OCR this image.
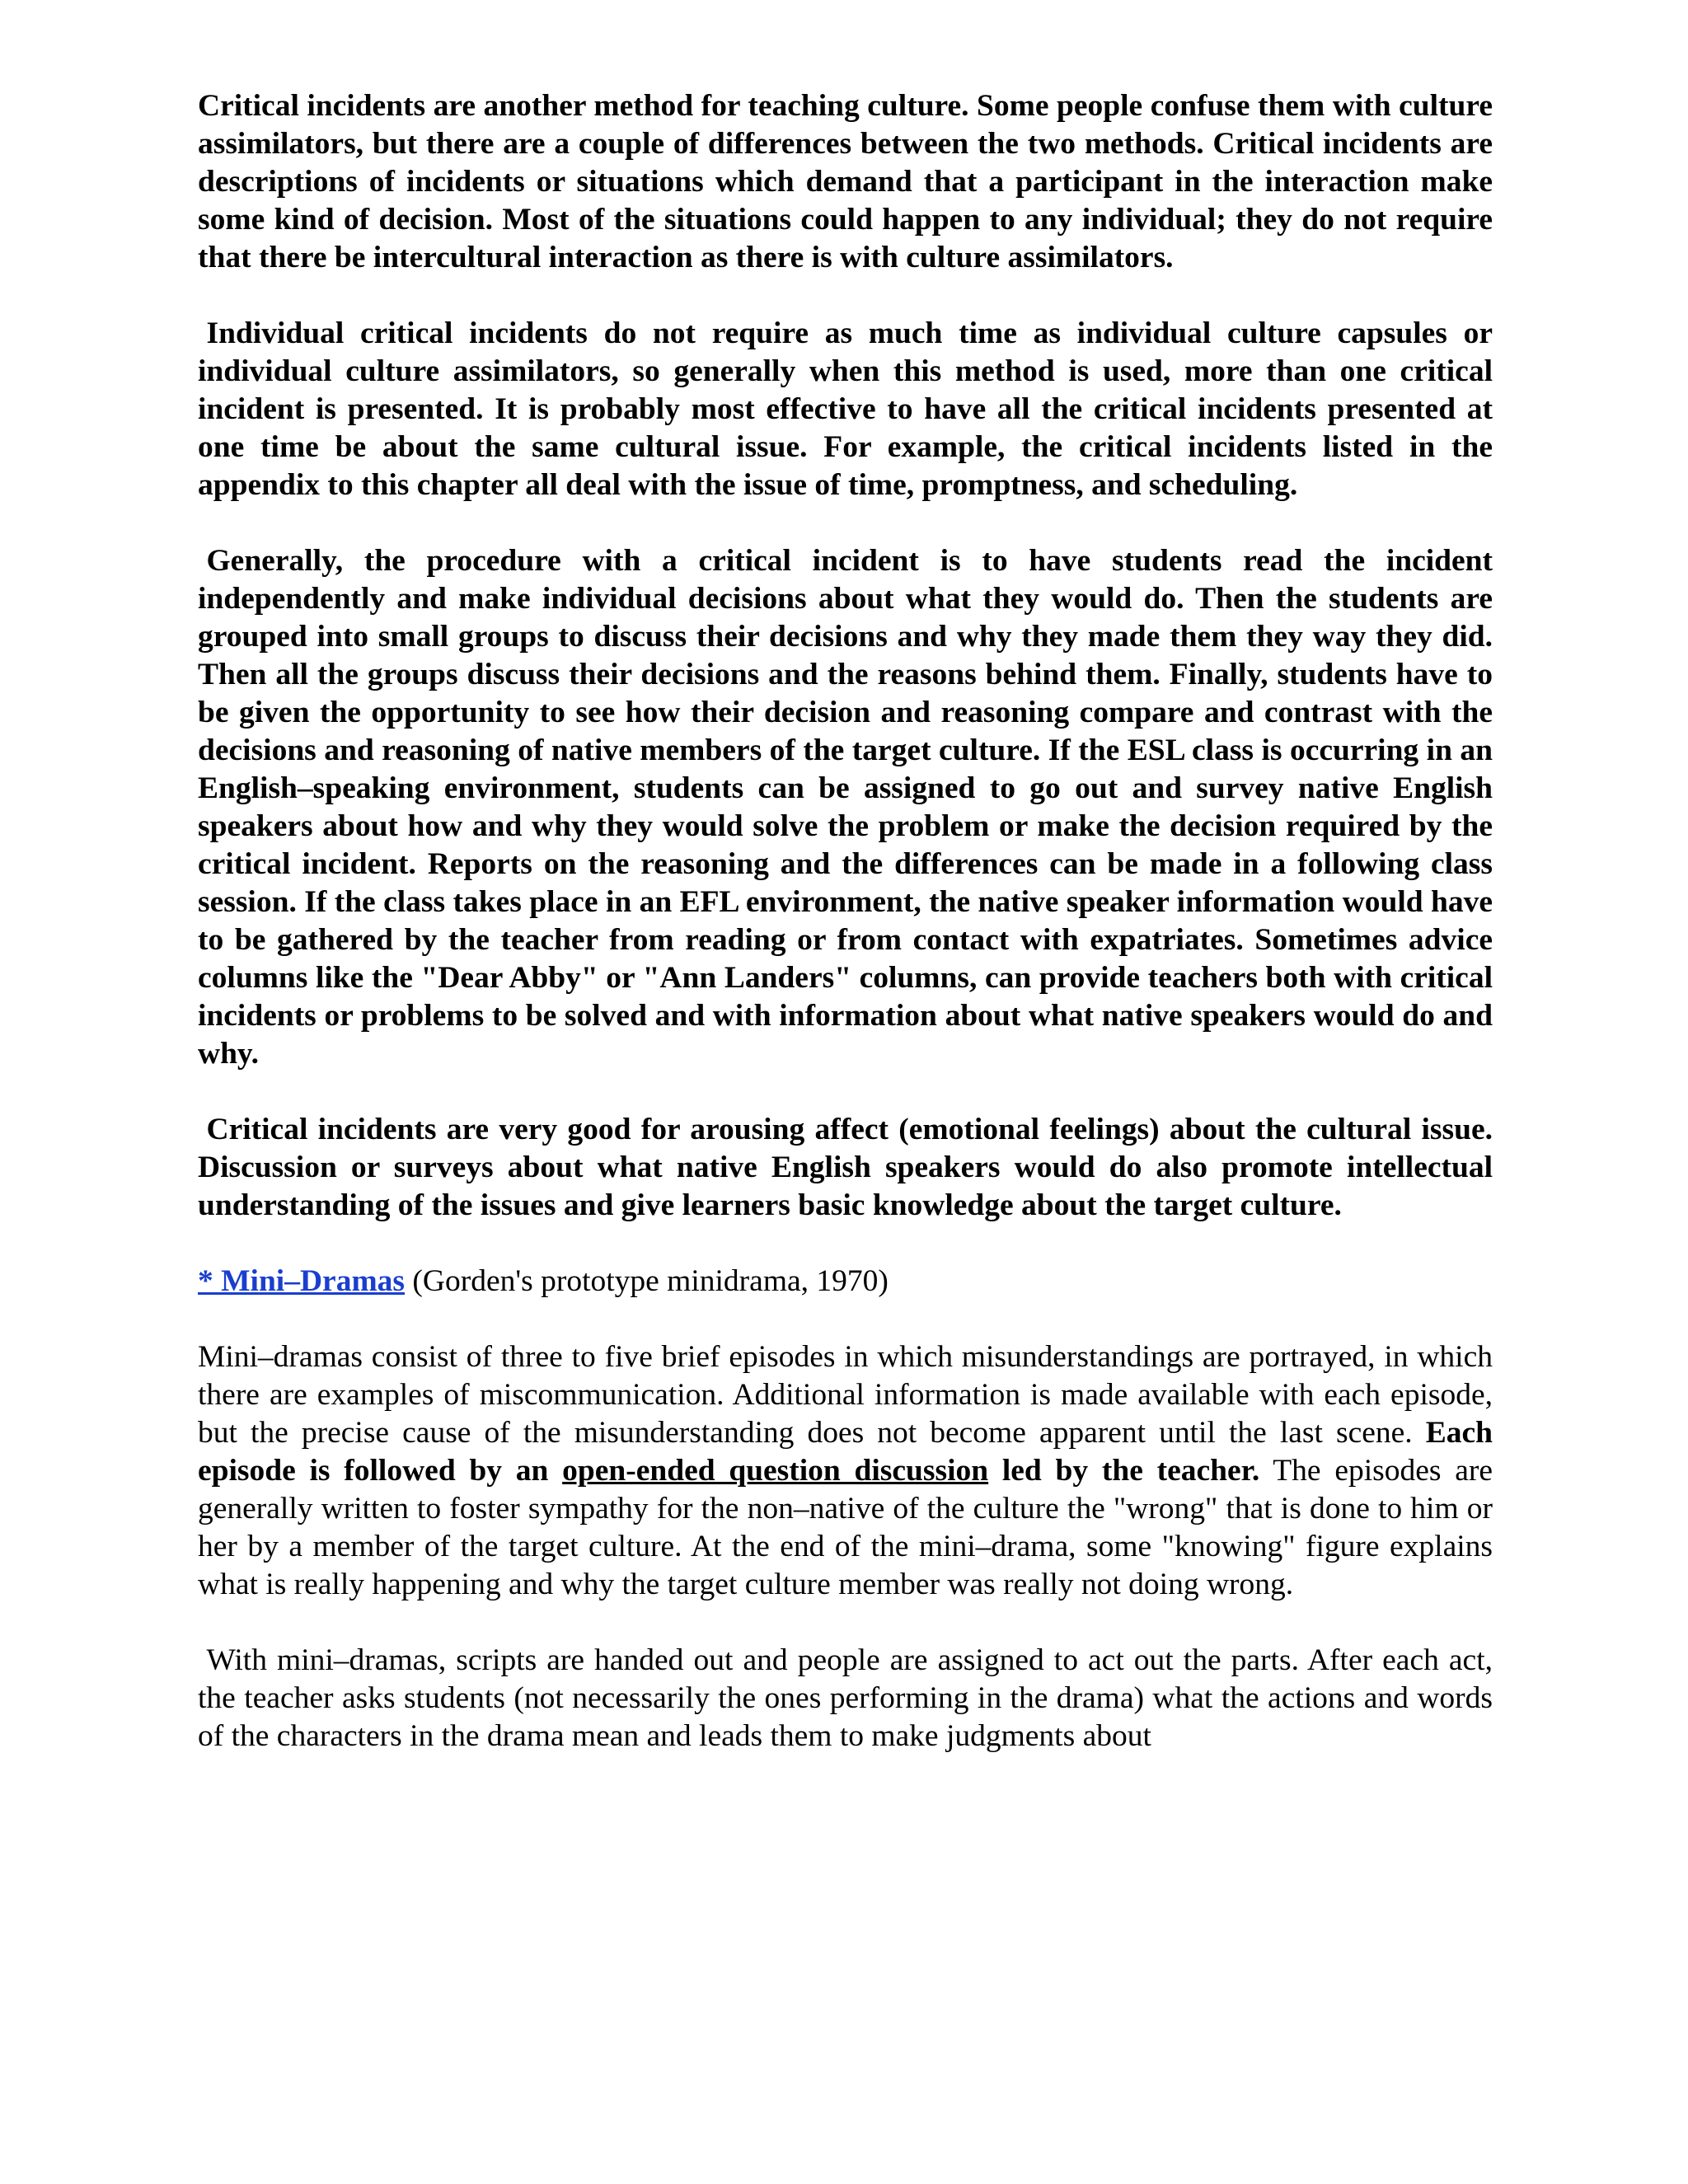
Critical incidents are another method for teaching culture. Some people confuse them with culture assimilators, but there are a couple of differences between the two methods. Critical incidents are descriptions of incidents or situations which demand that a participant in the interaction make some kind of decision. Most of the situations could happen to any individual; they do not require that there be intercultural interaction as there is with culture assimilators.

Individual critical incidents do not require as much time as individual culture capsules or individual culture assimilators, so generally when this method is used, more than one critical incident is presented. It is probably most effective to have all the critical incidents presented at one time be about the same cultural issue. For example, the critical incidents listed in the appendix to this chapter all deal with the issue of time, promptness, and scheduling.

Generally, the procedure with a critical incident is to have students read the incident independently and make individual decisions about what they would do. Then the students are grouped into small groups to discuss their decisions and why they made them they way they did. Then all the groups discuss their decisions and the reasons behind them. Finally, students have to be given the opportunity to see how their decision and reasoning compare and contrast with the decisions and reasoning of native members of the target culture. If the ESL class is occurring in an English–speaking environment, students can be assigned to go out and survey native English speakers about how and why they would solve the problem or make the decision required by the critical incident. Reports on the reasoning and the differences can be made in a following class session. If the class takes place in an EFL environment, the native speaker information would have to be gathered by the teacher from reading or from contact with expatriates. Sometimes advice columns like the "Dear Abby" or "Ann Landers" columns, can provide teachers both with critical incidents or problems to be solved and with information about what native speakers would do and why.

Critical incidents are very good for arousing affect (emotional feelings) about the cultural issue. Discussion or surveys about what native English speakers would do also promote intellectual understanding of the issues and give learners basic knowledge about the target culture.

* Mini–Dramas (Gorden's prototype minidrama, 1970)

Mini–dramas consist of three to five brief episodes in which misunderstandings are portrayed, in which there are examples of miscommunication. Additional information is made available with each episode, but the precise cause of the misunderstanding does not become apparent until the last scene. Each episode is followed by an open-ended question discussion led by the teacher. The episodes are generally written to foster sympathy for the non–native of the culture the "wrong" that is done to him or her by a member of the target culture. At the end of the mini–drama, some "knowing" figure explains what is really happening and why the target culture member was really not doing wrong.

With mini–dramas, scripts are handed out and people are assigned to act out the parts. After each act, the teacher asks students (not necessarily the ones performing in the drama) what the actions and words of the characters in the drama mean and leads them to make judgments about
